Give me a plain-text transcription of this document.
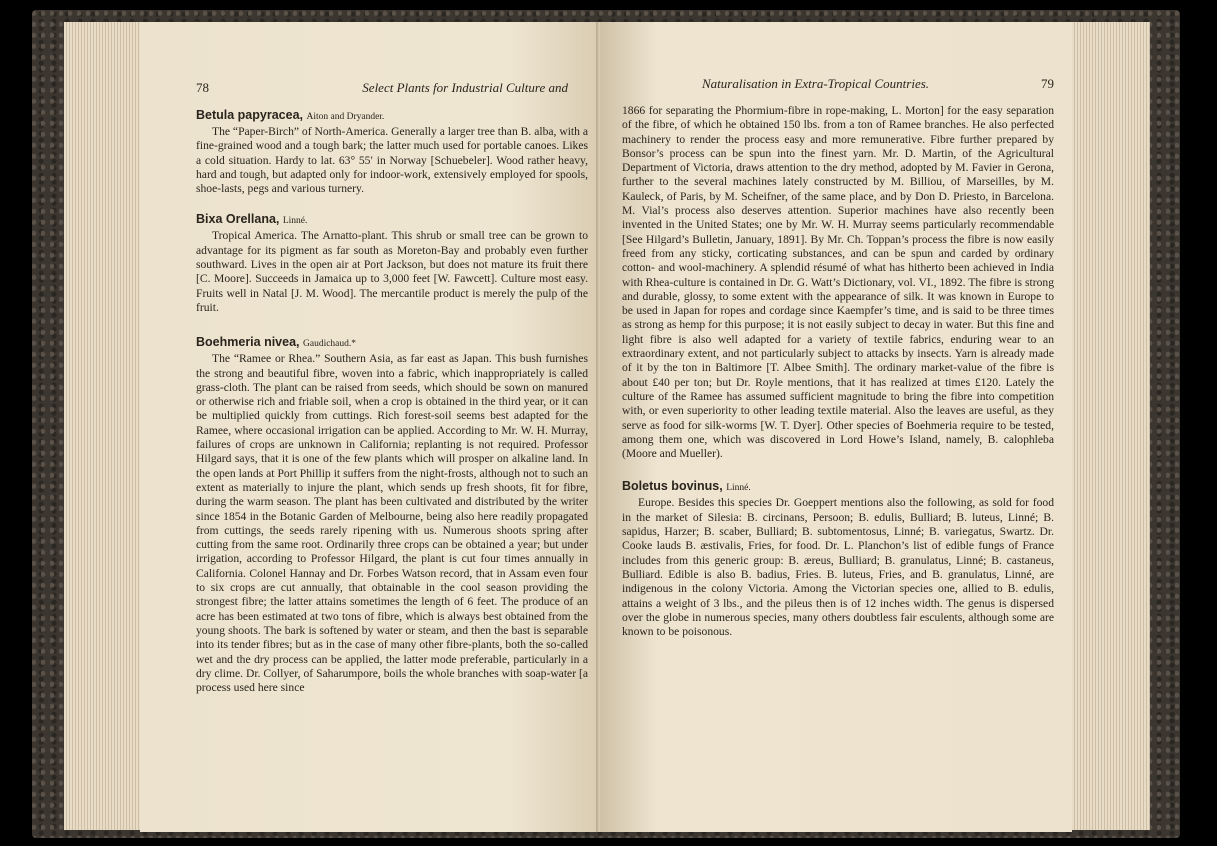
78	Select Plants for Industrial Culture and
Betula papyracea, Aiton and Dryander.

The “Paper-Birch” of North-America. Generally a larger tree than B. alba, with a fine-grained wood and a tough bark; the latter much used for portable canoes. Likes a cold situation. Hardy to lat. 63° 55′ in Norway [Schuebeler]. Wood rather heavy, hard and tough, but adapted only for indoor-work, extensively employed for spools, shoe-lasts, pegs and various turnery.

Bixa Orellana, Linné.

Tropical America. The Arnatto-plant. This shrub or small tree can be grown to advantage for its pigment as far south as Moreton-Bay and probably even further southward. Lives in the open air at Port Jackson, but does not mature its fruit there [C. Moore]. Succeeds in Jamaica up to 3,000 feet [W. Fawcett]. Culture most easy. Fruits well in Natal [J. M. Wood]. The mercantile product is merely the pulp of the fruit.

Boehmeria nivea, Gaudichaud.*

The “Ramee or Rhea.” Southern Asia, as far east as Japan. This bush furnishes the strong and beautiful fibre, woven into a fabric, which inappropriately is called grass-cloth. The plant can be raised from seeds, which should be sown on manured or otherwise rich and friable soil, when a crop is obtained in the third year, or it can be multiplied quickly from cuttings. Rich forest-soil seems best adapted for the Ramee, where occasional irrigation can be applied. According to Mr. W. H. Murray, failures of crops are unknown in California; replanting is not required. Professor Hilgard says, that it is one of the few plants which will prosper on alkaline land. In the open lands at Port Phillip it suffers from the night-frosts, although not to such an extent as materially to injure the plant, which sends up fresh shoots, fit for fibre, during the warm season. The plant has been cultivated and distributed by the writer since 1854 in the Botanic Garden of Melbourne, being also here readily propagated from cuttings, the seeds rarely ripening with us. Numerous shoots spring after cutting from the same root. Ordinarily three crops can be obtained a year; but under irrigation, according to Professor Hilgard, the plant is cut four times annually in California. Colonel Hannay and Dr. Forbes Watson record, that in Assam even four to six crops are cut annually, that obtainable in the cool season providing the strongest fibre; the latter attains sometimes the length of 6 feet. The produce of an acre has been estimated at two tons of fibre, which is always best obtained from the young shoots. The bark is softened by water or steam, and then the bast is separable into its tender fibres; but as in the case of many other fibre-plants, both the so-called wet and the dry process can be applied, the latter mode preferable, particularly in a dry clime. Dr. Collyer, of Saharumpore, boils the whole branches with soap-water [a process used here since

Naturalisation in Extra-Tropical Countries.	79

1866 for separating the Phormium-fibre in rope-making, L. Morton] for the easy separation of the fibre, of which he obtained 150 lbs. from a ton of Ramee branches. He also perfected machinery to render the process easy and more remunerative. Fibre further prepared by Bonsor’s process can be spun into the finest yarn. Mr. D. Martin, of the Agricultural Department of Victoria, draws attention to the dry method, adopted by M. Favier in Gerona, further to the several machines lately constructed by M. Billiou, of Marseilles, by M. Kauleck, of Paris, by M. Scheifner, of the same place, and by Don D. Priesto, in Barcelona. M. Vial’s process also deserves attention. Superior machines have also recently been invented in the United States; one by Mr. W. H. Murray seems particularly recommendable [See Hilgard’s Bulletin, January, 1891]. By Mr. Ch. Toppan’s process the fibre is now easily freed from any sticky, corticating substances, and can be spun and carded by ordinary cotton- and wool-machinery. A splendid résumé of what has hitherto been achieved in India with Rhea-culture is contained in Dr. G. Watt’s Dictionary, vol. VI., 1892. The fibre is strong and durable, glossy, to some extent with the appearance of silk. It was known in Europe to be used in Japan for ropes and cordage since Kaempfer’s time, and is said to be three times as strong as hemp for this purpose; it is not easily subject to decay in water. But this fine and light fibre is also well adapted for a variety of textile fabrics, enduring wear to an extraordinary extent, and not particularly subject to attacks by insects. Yarn is already made of it by the ton in Baltimore [T. Albee Smith]. The ordinary market-value of the fibre is about £40 per ton; but Dr. Royle mentions, that it has realized at times £120. Lately the culture of the Ramee has assumed sufficient magnitude to bring the fibre into competition with, or even superiority to other leading textile material. Also the leaves are useful, as they serve as food for silk-worms [W. T. Dyer]. Other species of Boehmeria require to be tested, among them one, which was discovered in Lord Howe’s Island, namely, B. calophleba (Moore and Mueller).

Boletus bovinus, Linné.

Europe. Besides this species Dr. Goeppert mentions also the following, as sold for food in the market of Silesia: B. circinans, Persoon; B. edulis, Bulliard; B. luteus, Linné; B. sapidus, Harzer; B. scaber, Bulliard; B. subtomentosus, Linné; B. variegatus, Swartz. Dr. Cooke lauds B. æstivalis, Fries, for food. Dr. L. Planchon’s list of edible fungs of France includes from this generic group: B. æreus, Bulliard; B. granulatus, Linné; B. castaneus, Bulliard. Edible is also B. badius, Fries. B. luteus, Fries, and B. granulatus, Linné, are indigenous in the colony Victoria. Among the Victorian species one, allied to B. edulis, attains a weight of 3 lbs., and the pileus then is of 12 inches width. The genus is dispersed over the globe in numerous species, many others doubtless fair esculents, although some are known to be poisonous.
